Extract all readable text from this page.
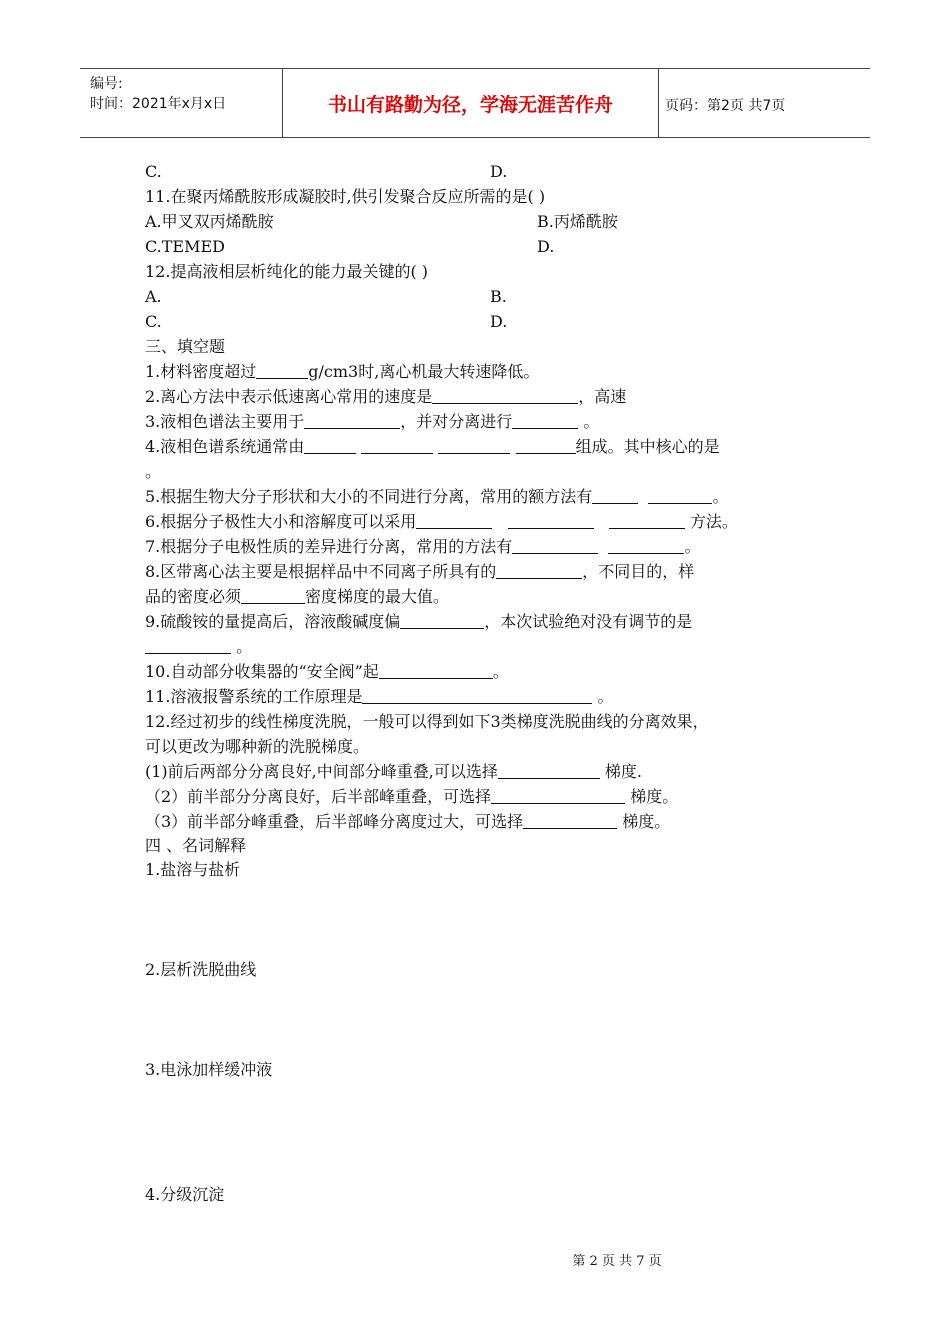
编号:
时间：2021年x月x日	书山有路勤为径，学海无涯苦作舟	页码：第2页 共7页
C.	D.
11.在聚丙烯酰胺形成凝胶时,供引发聚合反应所需的是( )
A.甲叉双丙烯酰胺	B.丙烯酰胺
C.TEMED	D.
12.提高液相层析纯化的能力最关键的( )
A.	B.
C.	D.
三、填空题
1.材料密度超过	g/cm3时,离心机最大转速降低。
2.离心方法中表示低速离心常用的速度是	，高速
3.液相色谱法主要用于	，并对分离进行	。
4.液相色谱系统通常由	组成。其中核心的是
。
5.根据生物大分子形状和大小的不同进行分离，常用的额方法有	。
6.根据分子极性大小和溶解度可以采用	方法。
7.根据分子电极性质的差异进行分离，常用的方法有	。
8.区带离心法主要是根据样品中不同离子所具有的	，不同目的，样
品的密度必须	密度梯度的最大值。
9.硫酸铵的量提高后，溶液酸碱度偏	，本次试验绝对没有调节的是
。
10.自动部分收集器的“安全阀”起	。
11.溶液报警系统的工作原理是	。
12.经过初步的线性梯度洗脱，一般可以得到如下3类梯度洗脱曲线的分离效果，
可以更改为哪种新的洗脱梯度。
(1)前后两部分分离良好,中间部分峰重叠,可以选择	梯度.
（2）前半部分分离良好，后半部峰重叠，可选择	梯度。
（3）前半部分峰重叠，后半部峰分离度过大，可选择	梯度。
四 、名词解释
1.盐溶与盐析
2.层析洗脱曲线
3.电泳加样缓冲液
4.分级沉淀
第 2 页 共 7 页
